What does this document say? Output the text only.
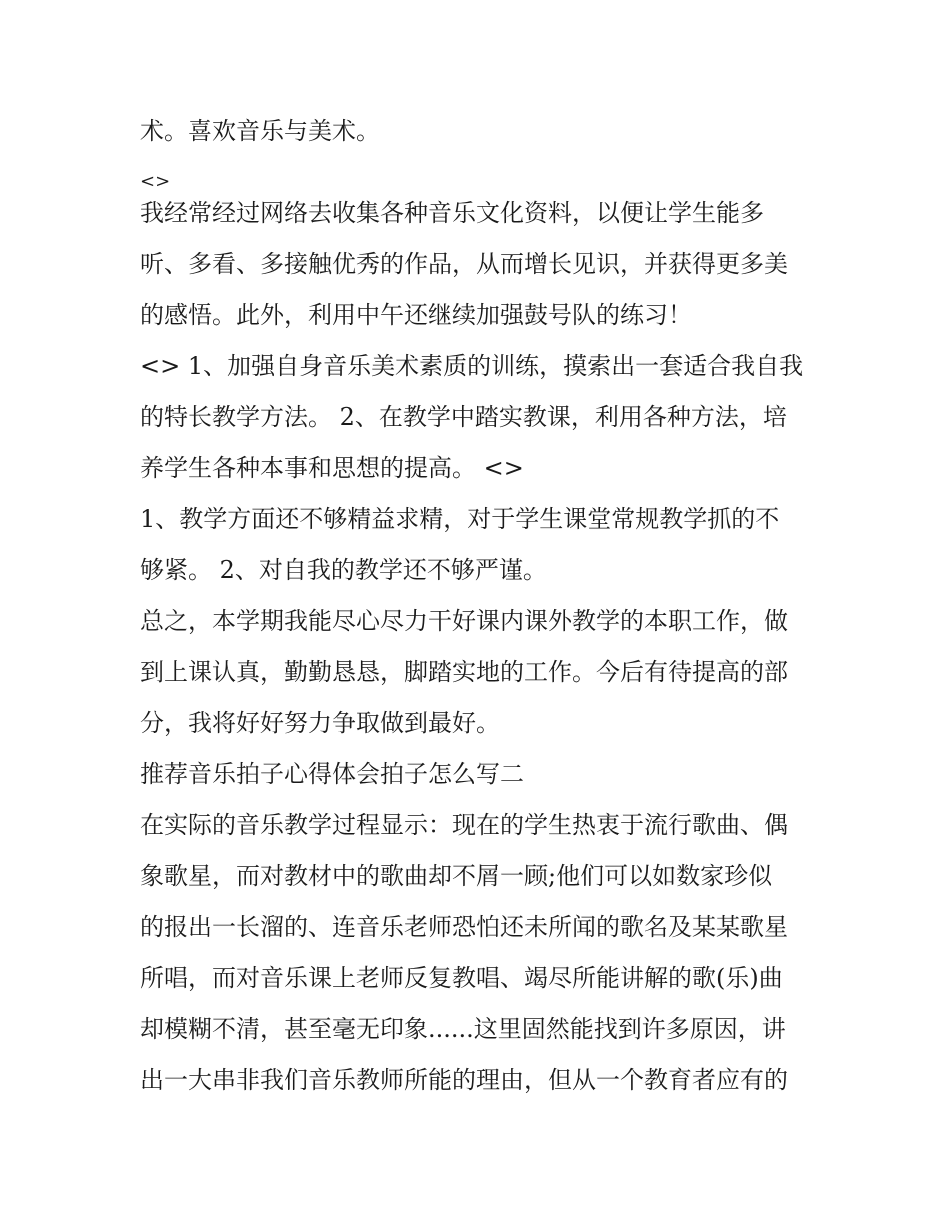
术。喜欢音乐与美术。
<>
我经常经过网络去收集各种音乐文化资料，以便让学生能多
听、多看、多接触优秀的作品，从而增长见识，并获得更多美
的感悟。此外，利用中午还继续加强鼓号队的练习！
<> 1、加强自身音乐美术素质的训练，摸索出一套适合我自我
的特长教学方法。 2、在教学中踏实教课，利用各种方法，培
养学生各种本事和思想的提高。 <>
1、教学方面还不够精益求精，对于学生课堂常规教学抓的不
够紧。 2、对自我的教学还不够严谨。
总之，本学期我能尽心尽力干好课内课外教学的本职工作，做
到上课认真，勤勤恳恳，脚踏实地的工作。今后有待提高的部
分，我将好好努力争取做到最好。
推荐音乐拍子心得体会拍子怎么写二
在实际的音乐教学过程显示：现在的学生热衷于流行歌曲、偶
象歌星，而对教材中的歌曲却不屑一顾;他们可以如数家珍似
的报出一长溜的、连音乐老师恐怕还未所闻的歌名及某某歌星
所唱，而对音乐课上老师反复教唱、竭尽所能讲解的歌(乐)曲
却模糊不清，甚至毫无印象......这里固然能找到许多原因，讲
出一大串非我们音乐教师所能的理由，但从一个教育者应有的
